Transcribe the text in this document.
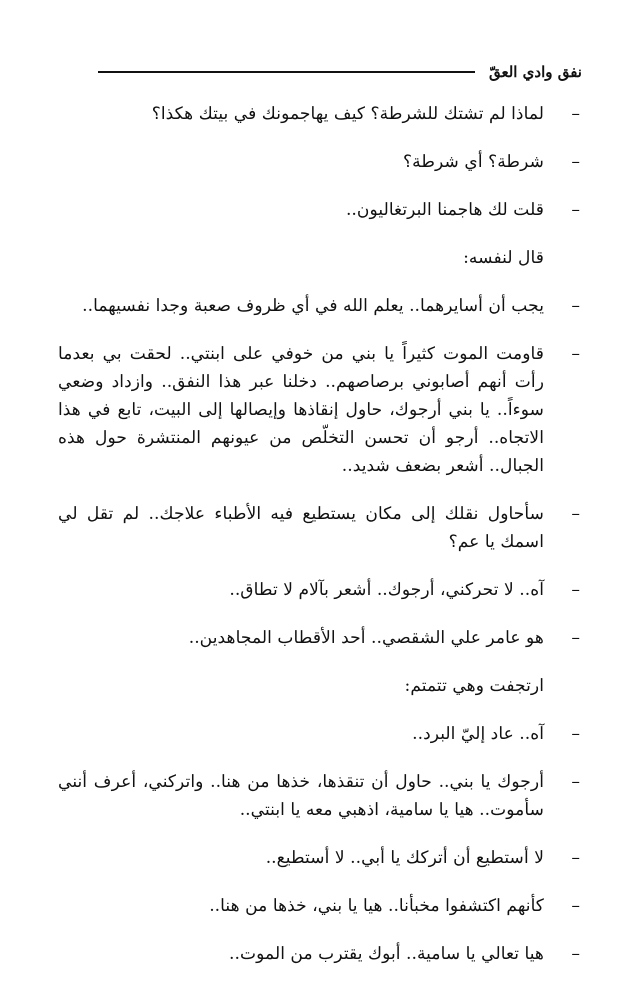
نفق وادي العقّ
–
لماذا لم تشتك للشرطة؟ كيف يهاجمونك في بيتك هكذا؟
–
شرطة؟ أي شرطة؟
–
قلت لك هاجمنا البرتغاليون..
قال لنفسه:
–
يجب أن أسايرهما.. يعلم الله في أي ظروف صعبة وجدا نفسيهما..
–
قاومت الموت كثيراً يا بني من خوفي على ابنتي.. لحقت بي بعدما رأت أنهم أصابوني برصاصهم.. دخلنا عبر هذا النفق.. وازداد وضعي سوءاً.. يا بني أرجوك، حاول إنقاذها وإيصالها إلى البيت، تابع في هذا الاتجاه.. أرجو أن تحسن التخلّص من عيونهم المنتشرة حول هذه الجبال.. أشعر بضعف شديد..
–
سأحاول نقلك إلى مكان يستطيع فيه الأطباء علاجك.. لم تقل لي اسمك يا عم؟
–
آه.. لا تحركني، أرجوك.. أشعر بآلام لا تطاق..
–
هو عامر علي الشقصي.. أحد الأقطاب المجاهدين..
ارتجفت وهي تتمتم:
–
آه.. عاد إليّ البرد..
–
أرجوك يا بني.. حاول أن تنقذها، خذها من هنا.. واتركني، أعرف أنني سأموت.. هيا يا سامية، اذهبي معه يا ابنتي..
–
لا أستطيع أن أتركك يا أبي.. لا أستطيع..
–
كأنهم اكتشفوا مخبأنا.. هيا يا بني، خذها من هنا..
–
هيا تعالي يا سامية.. أبوك يقترب من الموت..
